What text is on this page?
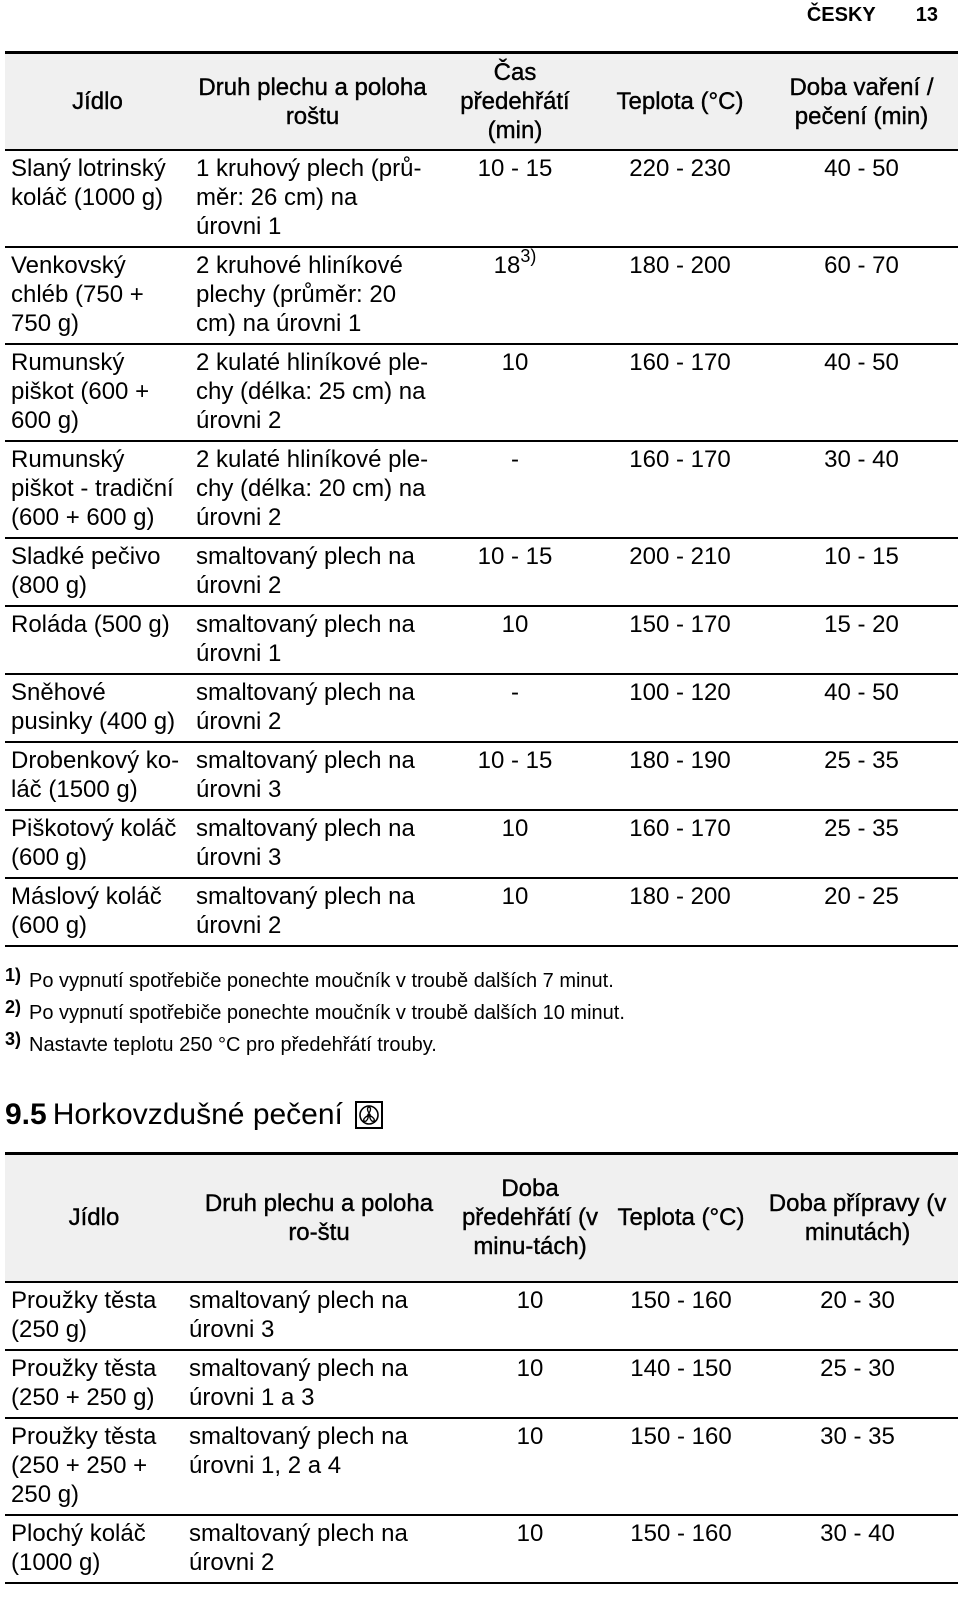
ČESKY 13
Jídlo	Druh plechu a poloha roštu	Čas předehřátí (min)	Teplota (°C)	Doba vaření / pečení (min)
Slaný lotrinský koláč (1000 g)	1 kruhový plech (prů-měr: 26 cm) na úrovni 1	10 - 15	220 - 230	40 - 50
Venkovský chléb (750 + 750 g)	2 kruhové hliníkové plechy (průměr: 20 cm) na úrovni 1	18$^{3)}$	180 - 200	60 - 70
Rumunský piškot (600 + 600 g)	2 kulaté hliníkové ple-chy (délka: 25 cm) na úrovni 2	10	160 - 170	40 - 50
Rumunský piškot - tradiční (600 + 600 g)	2 kulaté hliníkové ple-chy (délka: 20 cm) na úrovni 2	-	160 - 170	30 - 40
Sladké pečivo (800 g)	smaltovaný plech na úrovni 2	10 - 15	200 - 210	10 - 15
Roláda (500 g)	smaltovaný plech na úrovni 1	10	150 - 170	15 - 20
Sněhové pusinky (400 g)	smaltovaný plech na úrovni 2	-	100 - 120	40 - 50
Drobenkový ko-láč (1500 g)	smaltovaný plech na úrovni 3	10 - 15	180 - 190	25 - 35
Piškotový koláč (600 g)	smaltovaný plech na úrovni 3	10	160 - 170	25 - 35
Máslový koláč (600 g)	smaltovaný plech na úrovni 2	10	180 - 200	20 - 25
1) Po vypnutí spotřebiče ponechte moučník v troubě dalších 7 minut.
2) Po vypnutí spotřebiče ponechte moučník v troubě dalších 10 minut.
3) Nastavte teplotu 250 °C pro předehřátí trouby.
9.5 Horkovzdušné pečení
Jídlo	Druh plechu a poloha ro-štu	Doba předehřátí (v minu-tách)	Teplota (°C)	Doba přípravy (v minutách)
Proužky těsta (250 g)	smaltovaný plech na úrovni 3	10	150 - 160	20 - 30
Proužky těsta (250 + 250 g)	smaltovaný plech na úrovni 1 a 3	10	140 - 150	25 - 30
Proužky těsta (250 + 250 + 250 g)	smaltovaný plech na úrovni 1, 2 a 4	10	150 - 160	30 - 35
Plochý koláč (1000 g)	smaltovaný plech na úrovni 2	10	150 - 160	30 - 40
